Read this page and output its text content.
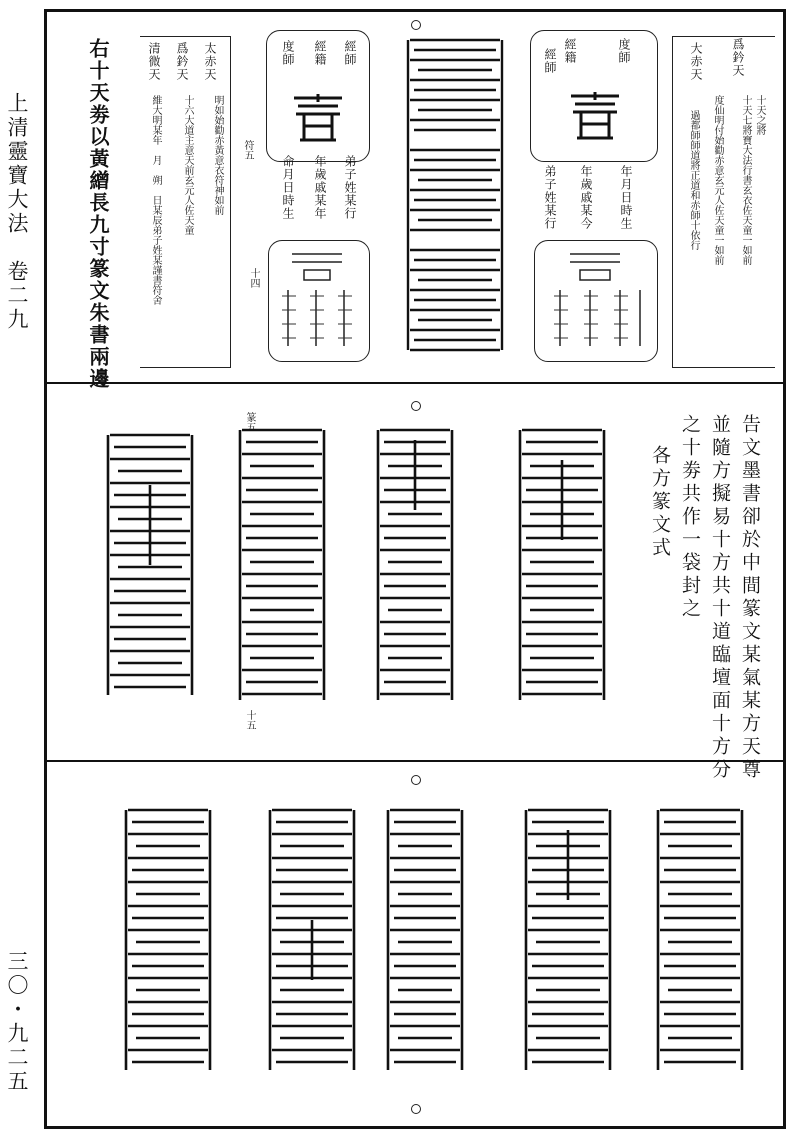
上清靈寶大法　卷二九
三〇・九二五
爲鈐天
大赤天
十天之將
十天七將寶大法行書玄衣佐天童一如前
度仙明付始勸赤意玄元人佐天童一如前
過都師師道將正道和赤師十依行
經籍	度師
經師
年月日時生
年歲戚某今
弟子姓某行
太赤天
爲鈐天
清微天
明如始勸赤黃意衣符神如前
十六大道主意天前玄元人佐天童
維大明某年　月　朔　日某辰弟子姓某謹書符舍	符五
十四
經籍
度師	經師
弟子姓某行
年歲戚某年
命月日時生
右十天劵以黃繒長九寸篆文朱書兩邊
告文墨書卻於中間篆文某氣某方天尊
並隨方擬易十方共十道臨壇面十方分
之十劵共作一袋封之
各方篆文式
篆五
十五
